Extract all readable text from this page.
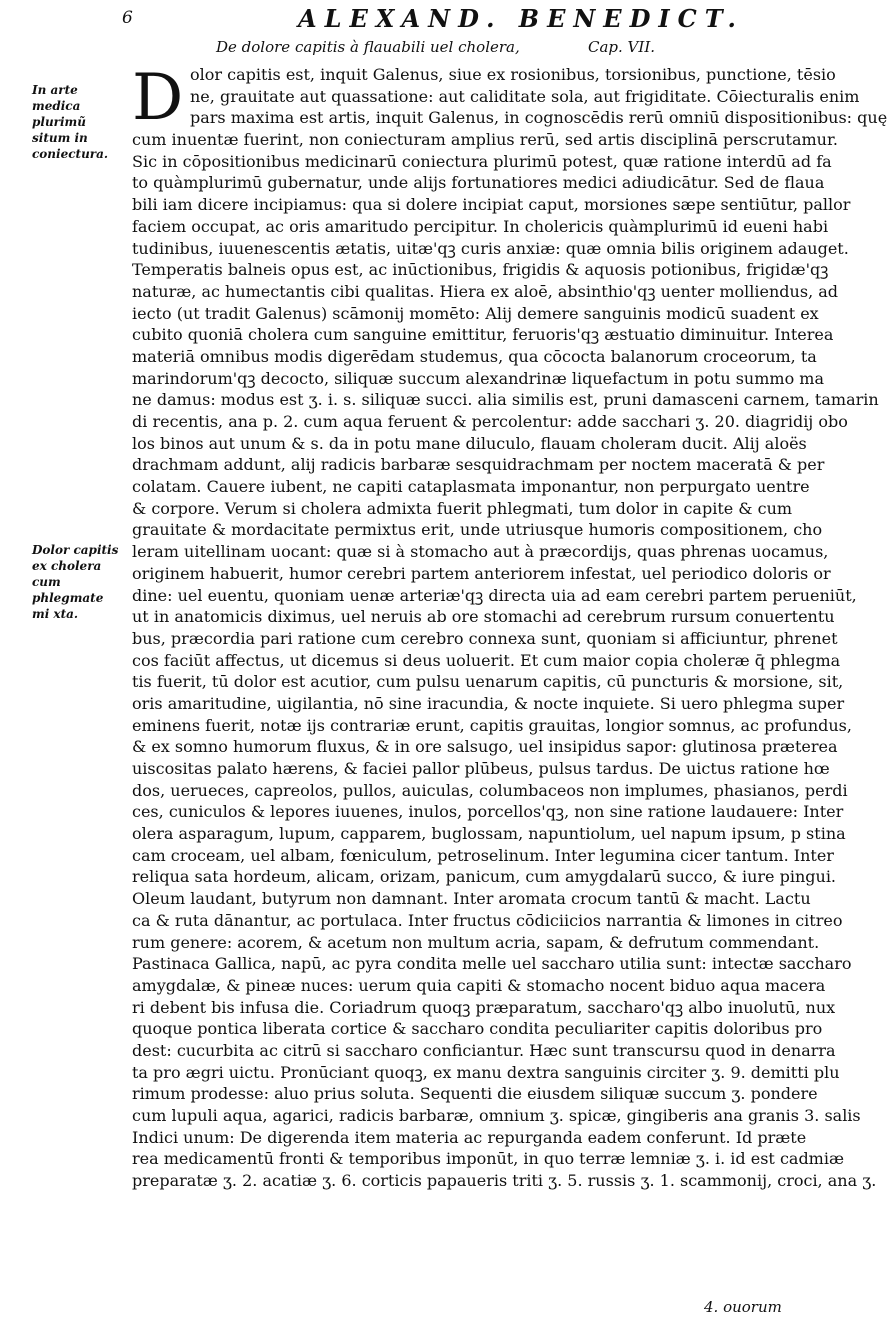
6	ALEXAND. BENEDICT.
De dolore capitis à flauabili uel cholera,	Cap. VII.
In arte medica plurimũ situm in coniectura.
Dolor capitis ex cholera cum phlegmate mi xta.
D olor capitis est, inquit Galenus, siue ex rosionibus, torsionibus, punctione, tēsio
ne, grauitate aut quassatione: aut caliditate sola, aut frigiditate. Cōiecturalis enim
pars maxima est artis, inquit Galenus, in cognoscēdis rerū omniū dispositionibus: quę
cum inuentæ fuerint, non coniecturam amplius rerū, sed artis disciplinā perscrutamur.
Sic in cōpositionibus medicinarū coniectura plurimū potest, quæ ratione interdū ad fa
to quàmplurimū gubernatur, unde alijs fortunatiores medici adiudicātur. Sed de flaua
bili iam dicere incipiamus: qua si dolere incipiat caput, morsiones sæpe sentiūtur, pallor
faciem occupat, ac oris amaritudo percipitur. In cholericis quàmplurimū id eueni habi
tudinibus, iuuenescentis ætatis, uitæ'qꝫ curis anxiæ: quæ omnia bilis originem adauget.
Temperatis balneis opus est, ac inūctionibus, frigidis & aquosis potionibus, frigidæ'qꝫ
naturæ, ac humectantis cibi qualitas. Hiera ex aloē, absinthio'qꝫ uenter molliendus, ad
iecto (ut tradit Galenus) scāmonij momēto: Alij demere sanguinis modicū suadent ex
cubito quoniā cholera cum sanguine emittitur, feruoris'qꝫ æstuatio diminuitur. Interea
materiā omnibus modis digerēdam studemus, qua cōcocta balanorum croceorum, ta
marindorum'qꝫ decocto, siliquæ succum alexandrinæ liquefactum in potu summo ma
ne damus: modus est ʒ. i. s. siliquæ succi. alia similis est, pruni damasceni carnem, tamarin
di recentis, ana p. 2. cum aqua feruent & percolentur: adde sacchari ʒ. 20. diagridij obo
los binos aut unum & s. da in potu mane diluculo, flauam choleram ducit. Alij aloës
drachmam addunt, alij radicis barbaræ sesquidrachmam per noctem maceratā & per
colatam. Cauere iubent, ne capiti cataplasmata imponantur, non perpurgato uentre
& corpore. Verum si cholera admixta fuerit phlegmati, tum dolor in capite & cum
grauitate & mordacitate permixtus erit, unde utriusque humoris compositionem, cho
leram uitellinam uocant: quæ si à stomacho aut à præcordijs, quas phrenas uocamus,
originem habuerit, humor cerebri partem anteriorem infestat, uel periodico doloris or
dine: uel euentu, quoniam uenæ arteriæ'qꝫ directa uia ad eam cerebri partem perueniūt,
ut in anatomicis diximus, uel neruis ab ore stomachi ad cerebrum rursum conuertentu
bus, præcordia pari ratione cum cerebro connexa sunt, quoniam si afficiuntur, phrenet
cos faciūt affectus, ut dicemus si deus uoluerit. Et cum maior copia choleræ q̄ phlegma
tis fuerit, tū dolor est acutior, cum pulsu uenarum capitis, cū puncturis & morsione, sit,
oris amaritudine, uigilantia, nō sine iracundia, & nocte inquiete. Si uero phlegma super
eminens fuerit, notæ ijs contrariæ erunt, capitis grauitas, longior somnus, ac profundus,
& ex somno humorum fluxus, & in ore salsugo, uel insipidus sapor: glutinosa præterea
uiscositas palato hærens, & faciei pallor plūbeus, pulsus tardus. De uictus ratione hœ
dos, uerueces, capreolos, pullos, auiculas, columbaceos non implumes, phasianos, perdi
ces, cuniculos & lepores iuuenes, inulos, porcellos'qꝫ, non sine ratione laudauere: Inter
olera asparagum, lupum, capparem, buglossam, napuntiolum, uel napum ipsum, p stina
cam croceam, uel albam, fœniculum, petroselinum. Inter legumina cicer tantum. Inter
reliqua sata hordeum, alicam, orizam, panicum, cum amygdalarū succo, & iure pingui.
Oleum laudant, butyrum non damnant. Inter aromata crocum tantū & macht. Lactu
ca & ruta dānantur, ac portulaca. Inter fructus cōdiciicios narrantia & limones in citreo
rum genere: acorem, & acetum non multum acria, sapam, & defrutum commendant.
Pastinaca Gallica, napū, ac pyra condita melle uel saccharo utilia sunt: intectæ saccharo
amygdalæ, & pineæ nuces: uerum quia capiti & stomacho nocent biduo aqua macera
ri debent bis infusa die. Coriadrum quoqꝫ præparatum, saccharo'qꝫ albo inuolutū, nux
quoque pontica liberata cortice & saccharo condita peculiariter capitis doloribus pro
dest: cucurbita ac citrū si saccharo conficiantur. Hæc sunt transcursu quod in denarra
ta pro ægri uictu. Pronūciant quoqꝫ, ex manu dextra sanguinis circiter ʒ. 9. demitti plu
rimum prodesse: aluo prius soluta. Sequenti die eiusdem siliquæ succum ʒ. pondere
cum lupuli aqua, agarici, radicis barbaræ, omnium ʒ. spicæ, gingiberis ana granis 3. salis
Indici unum: De digerenda item materia ac repurganda eadem conferunt. Id præte
rea medicamentū fronti & temporibus imponūt, in quo terræ lemniæ ʒ. i. id est cadmiæ
preparatæ ʒ. 2. acatiæ ʒ. 6. corticis papaueris triti ʒ. 5. russis ʒ. 1. scammonij, croci, ana ʒ.
4. ouorum
